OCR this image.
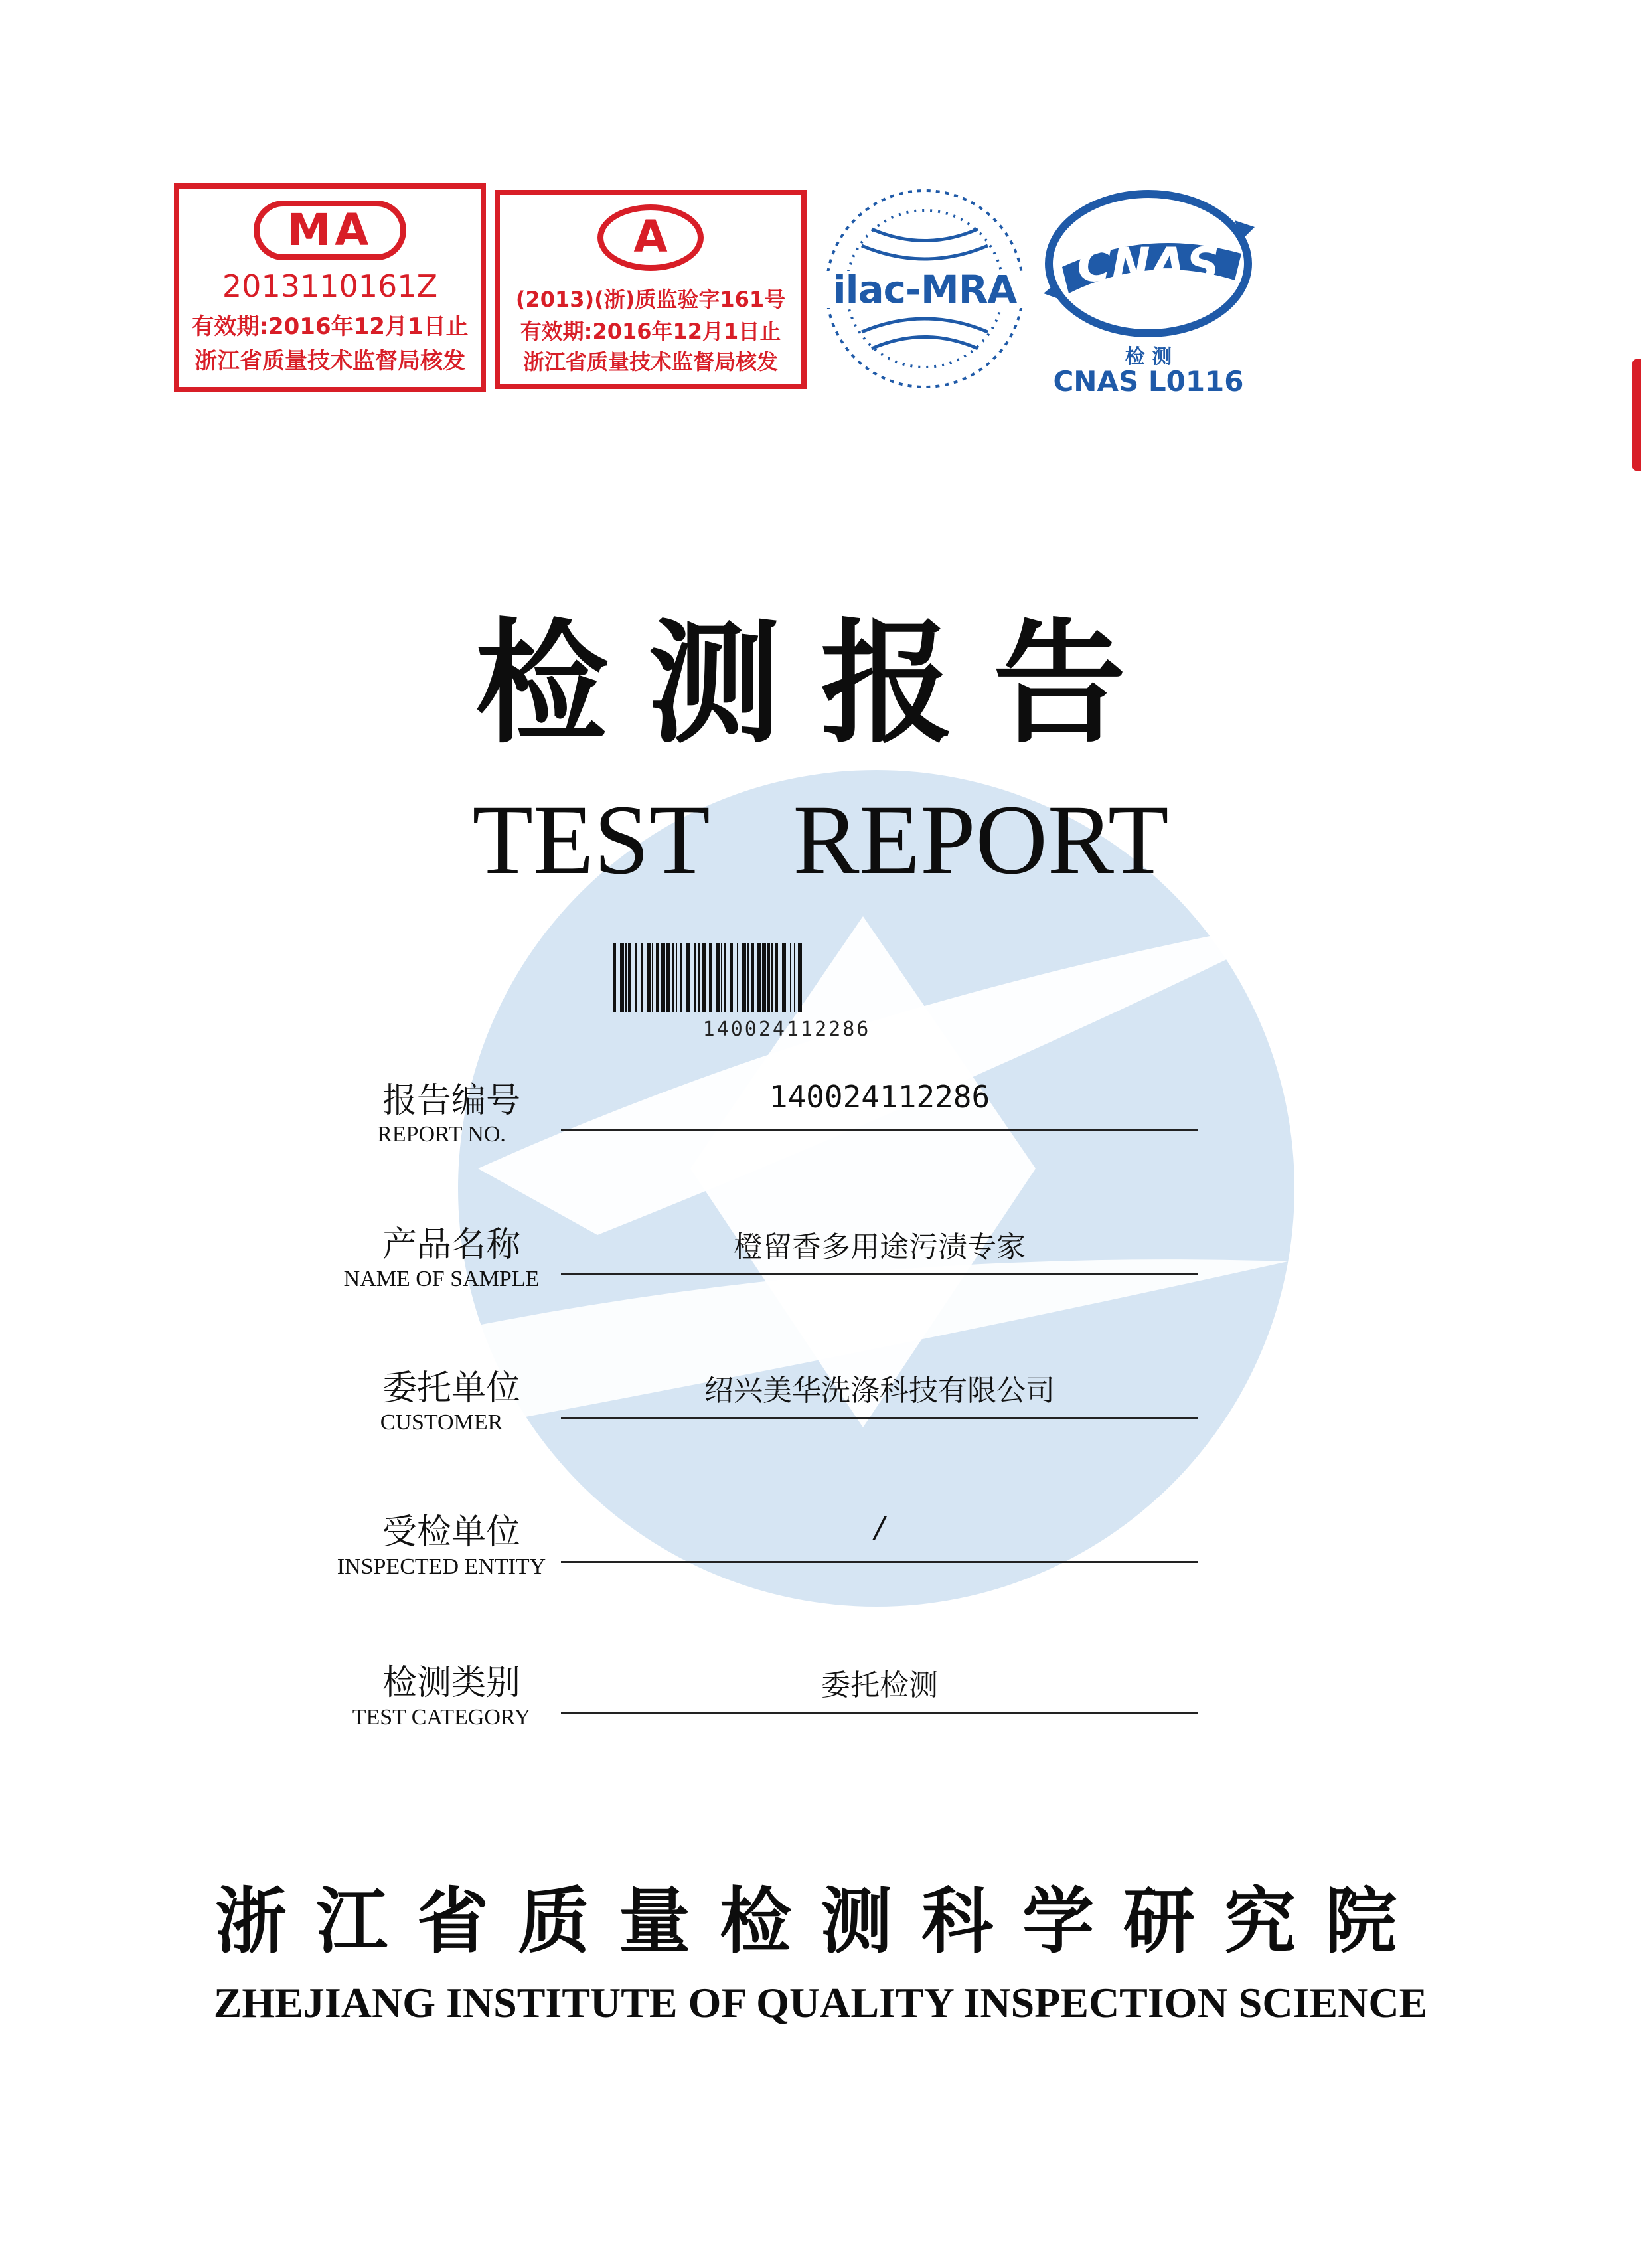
MA
2013110161Z
有效期:2016年12月1日止
浙江省质量技术监督局核发
A
(2013)(浙)质监验字161号
有效期:2016年12月1日止
浙江省质量技术监督局核发
ilac-MRA	CNAS
检 测
CNAS L0116
检测报告
TEST REPORT
140024112286
报告编号
REPORT NO.
140024112286
产品名称
NAME OF SAMPLE
橙留香多用途污渍专家
委托单位
CUSTOMER
绍兴美华洗涤科技有限公司
受检单位
INSPECTED ENTITY
/
检测类别
TEST CATEGORY
委托检测
浙江省质量检测科学研究院
ZHEJIANG INSTITUTE OF QUALITY INSPECTION SCIENCE
